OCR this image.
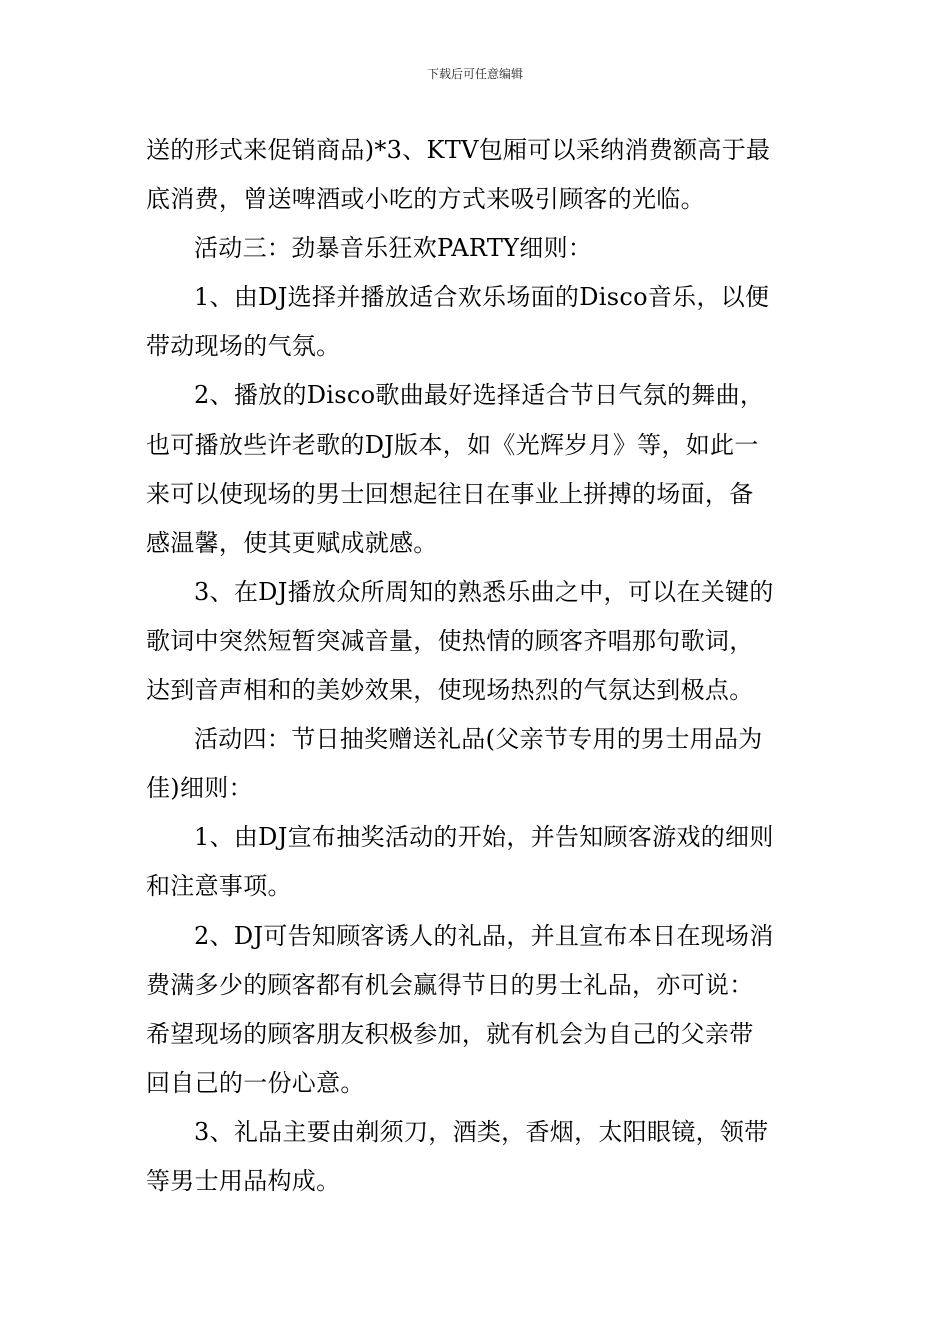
下载后可任意编辑

送的形式来促销商品)*3、KTV包厢可以采纳消费额高于最
底消费，曾送啤酒或小吃的方式来吸引顾客的光临。

活动三：劲暴音乐狂欢PARTY细则：

1、由DJ选择并播放适合欢乐场面的Disco音乐，以便
带动现场的气氛。

2、播放的Disco歌曲最好选择适合节日气氛的舞曲，
也可播放些许老歌的DJ版本，如《光辉岁月》等，如此一
来可以使现场的男士回想起往日在事业上拼搏的场面，备
感温馨，使其更赋成就感。

3、在DJ播放众所周知的熟悉乐曲之中，可以在关键的
歌词中突然短暂突减音量，使热情的顾客齐唱那句歌词，
达到音声相和的美妙效果，使现场热烈的气氛达到极点。

活动四：节日抽奖赠送礼品(父亲节专用的男士用品为
佳)细则：

1、由DJ宣布抽奖活动的开始，并告知顾客游戏的细则
和注意事项。

2、DJ可告知顾客诱人的礼品，并且宣布本日在现场消
费满多少的顾客都有机会赢得节日的男士礼品，亦可说：
希望现场的顾客朋友积极参加，就有机会为自己的父亲带
回自己的一份心意。

3、礼品主要由剃须刀，酒类，香烟，太阳眼镜，领带
等男士用品构成。
